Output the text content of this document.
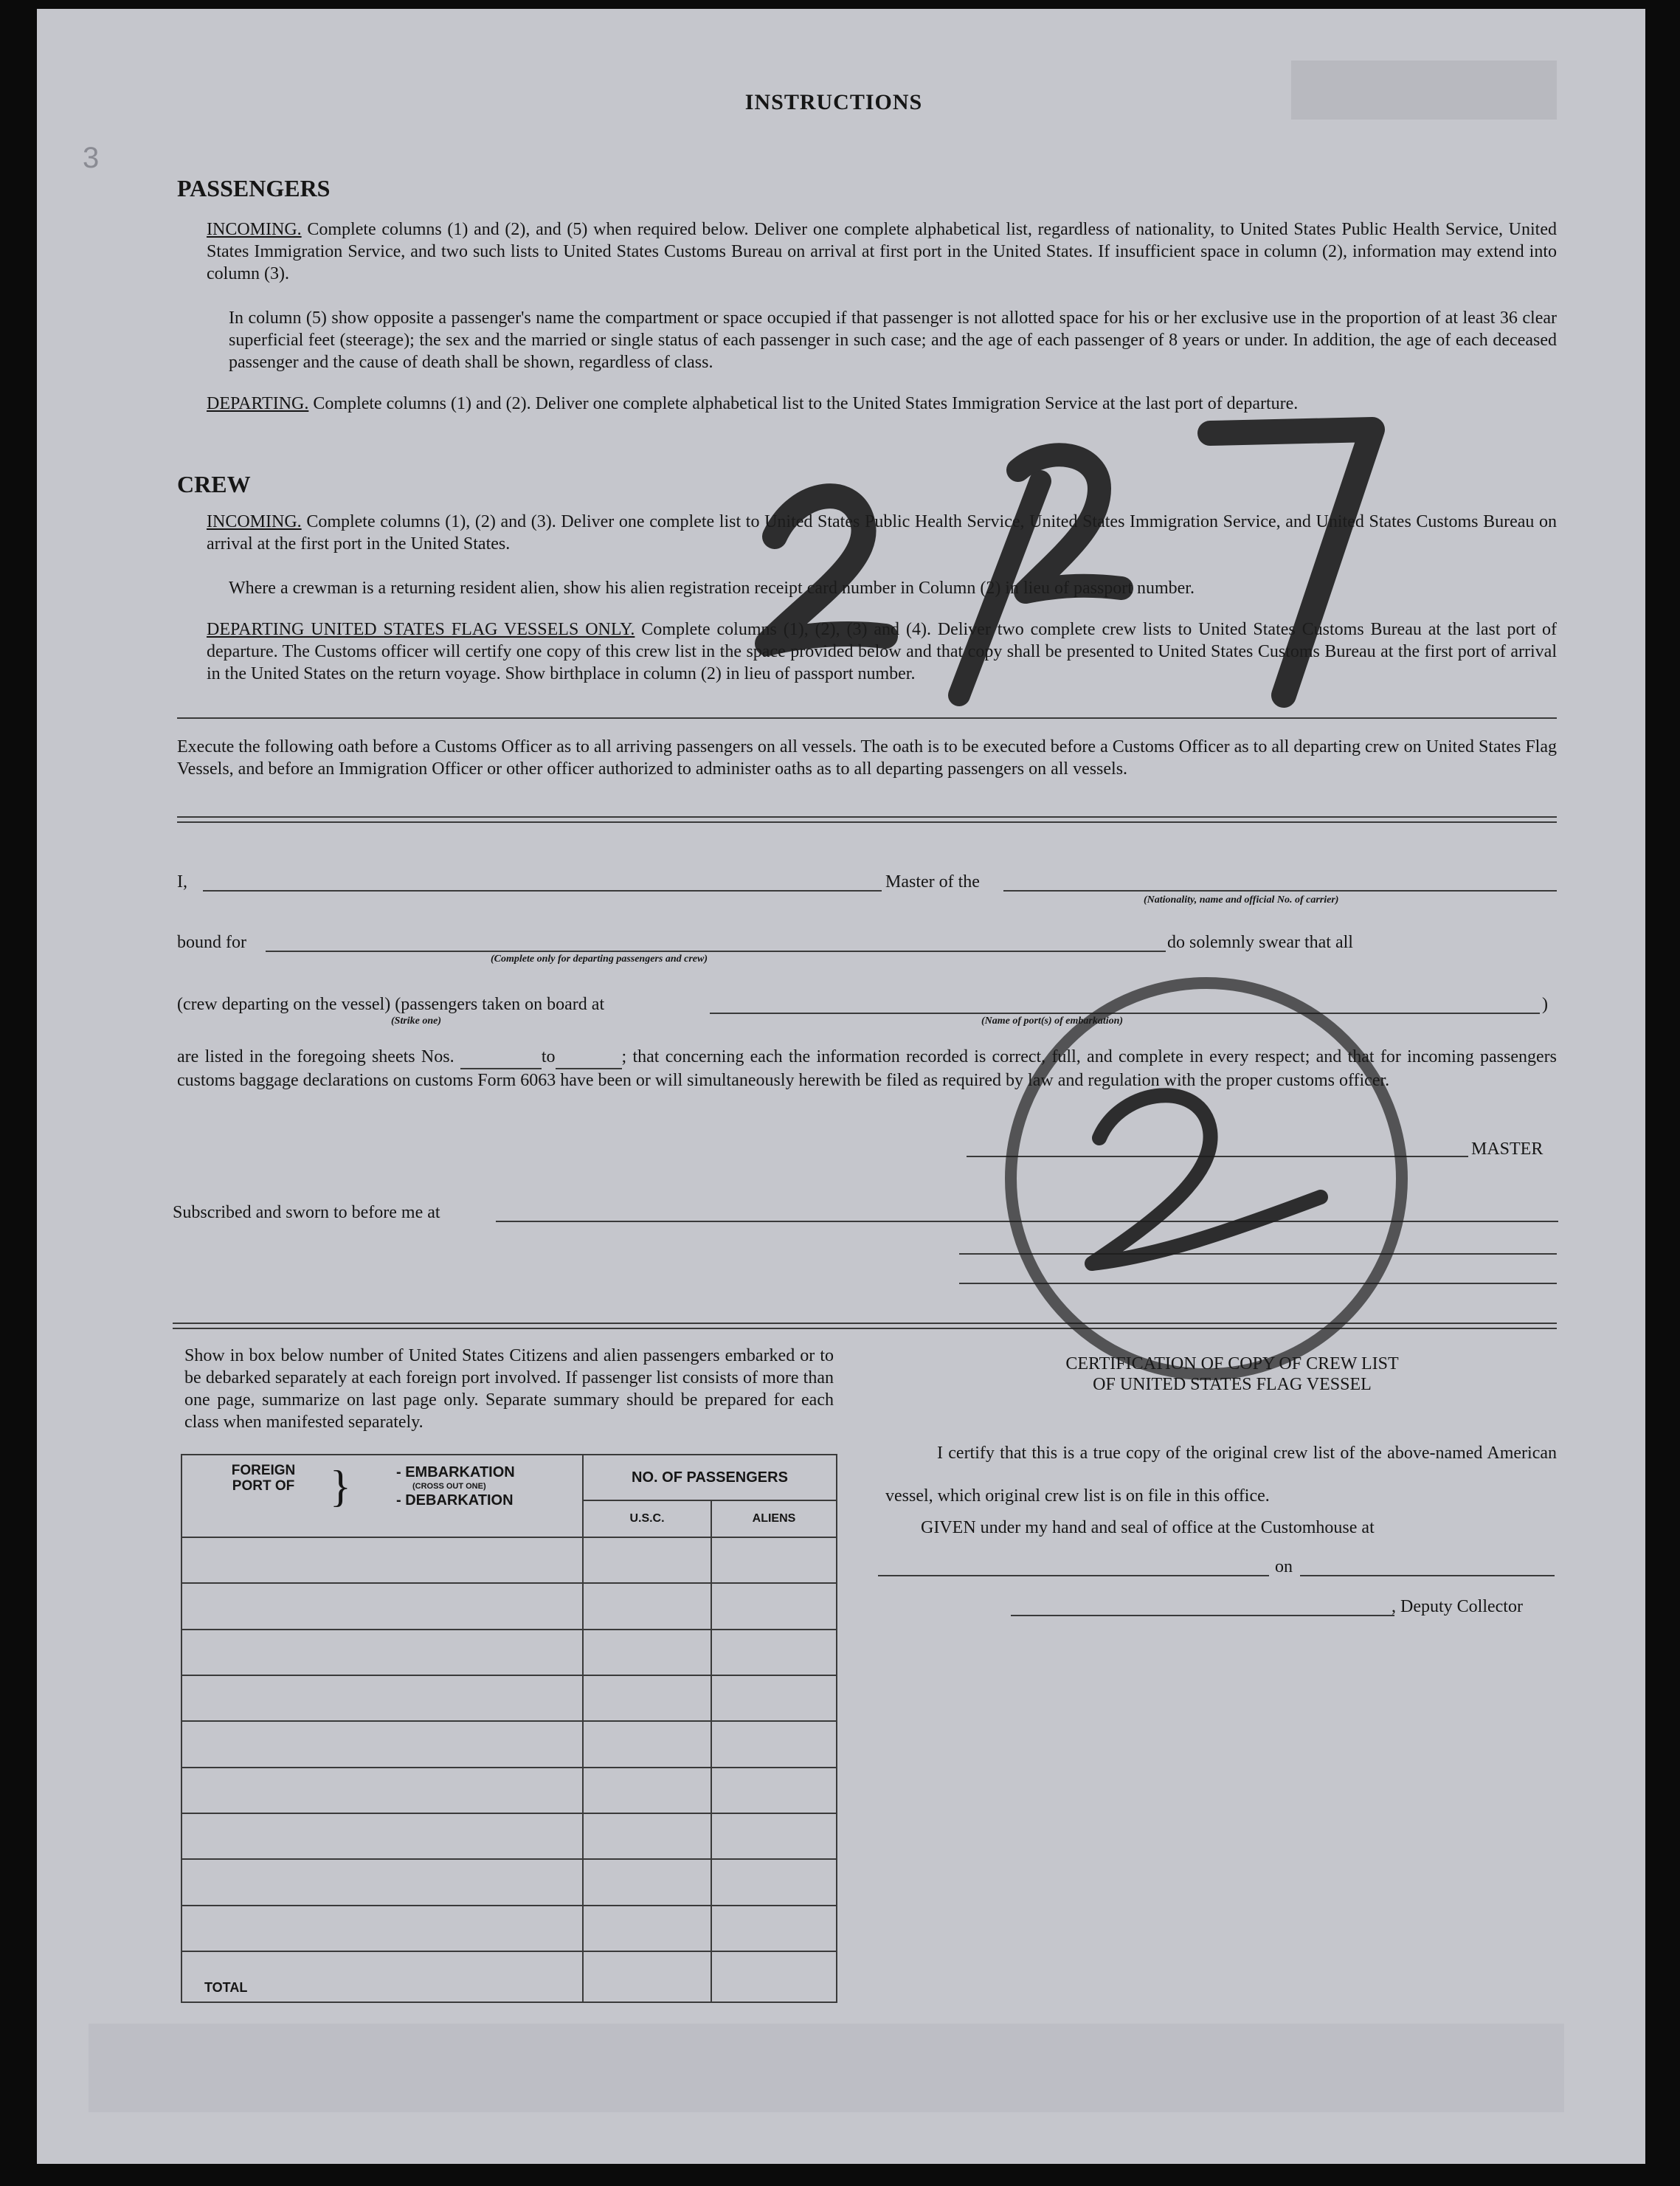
3
INSTRUCTIONS
PASSENGERS
INCOMING. Complete columns (1) and (2), and (5) when required below. Deliver one complete alphabetical list, regardless of nationality, to United States Public Health Service, United States Immigration Service, and two such lists to United States Customs Bureau on arrival at first port in the United States. If insufficient space in column (2), information may extend into column (3).
In column (5) show opposite a passenger's name the compartment or space occupied if that passenger is not allotted space for his or her exclusive use in the proportion of at least 36 clear superficial feet (steerage); the sex and the married or single status of each passenger in such case; and the age of each passenger of 8 years or under. In addition, the age of each deceased passenger and the cause of death shall be shown, regardless of class.
DEPARTING. Complete columns (1) and (2). Deliver one complete alphabetical list to the United States Immigration Service at the last port of departure.
CREW
INCOMING. Complete columns (1), (2) and (3). Deliver one complete list to United States Public Health Service, United States Immigration Service, and United States Customs Bureau on arrival at the first port in the United States.
Where a crewman is a returning resident alien, show his alien registration receipt card number in Column (2) in lieu of passport number.
DEPARTING UNITED STATES FLAG VESSELS ONLY. Complete columns (1), (2), (3) and (4). Deliver two complete crew lists to United States Customs Bureau at the last port of departure. The Customs officer will certify one copy of this crew list in the space provided below and that copy shall be presented to United States Customs Bureau at the first port of arrival in the United States on the return voyage. Show birthplace in column (2) in lieu of passport number.
Execute the following oath before a Customs Officer as to all arriving passengers on all vessels. The oath is to be executed before a Customs Officer as to all departing crew on United States Flag Vessels, and before an Immigration Officer or other officer authorized to administer oaths as to all departing passengers on all vessels.
I,	Master of the
(Nationality, name and official No. of carrier)
bound for
(Complete only for departing passengers and crew)
do solemnly swear that all
(crew departing on the vessel) (passengers taken on board at	)
(Strike one)	(Name of port(s) of embarkation)
are listed in the foregoing sheets Nos.	to	; that concerning each the information recorded is correct, full, and complete in every respect; and that for incoming passengers customs baggage declarations on customs Form 6063 have been or will simultaneously herewith be filed as required by law and regulation with the proper customs officer.
MASTER
Subscribed and sworn to before me at
Show in box below number of United States Citizens and alien passengers embarked or to be debarked separately at each foreign port involved. If passenger list consists of more than one page, summarize on last page only. Separate summary should be prepared for each class when manifested separately.
FOREIGN PORT OF } - EMBARKATION
(CROSS OUT ONE)
- DEBARKATION	NO. OF PASSENGERS	
	U.S.C.	ALIENS

TOTAL		
CERTIFICATION OF COPY OF CREW LIST
OF UNITED STATES FLAG VESSEL
I certify that this is a true copy of the original crew list of the above-named American vessel, which original crew list is on file in this office.
GIVEN under my hand and seal of office at the Customhouse at
on
, Deputy Collector
